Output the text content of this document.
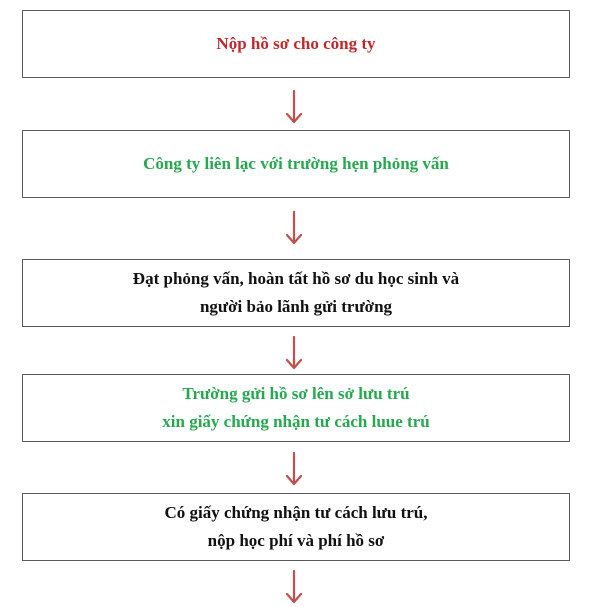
Nộp hồ sơ cho công ty
Công ty liên lạc với trường hẹn phỏng vấn
Đạt phỏng vấn, hoàn tất hồ sơ du học sinh và
người bảo lãnh gửi trường
Trường gửi hồ sơ lên sở lưu trú
xin giấy chứng nhận tư cách luue trú
Có giấy chứng nhận tư cách lưu trú,
nộp học phí và phí hồ sơ
